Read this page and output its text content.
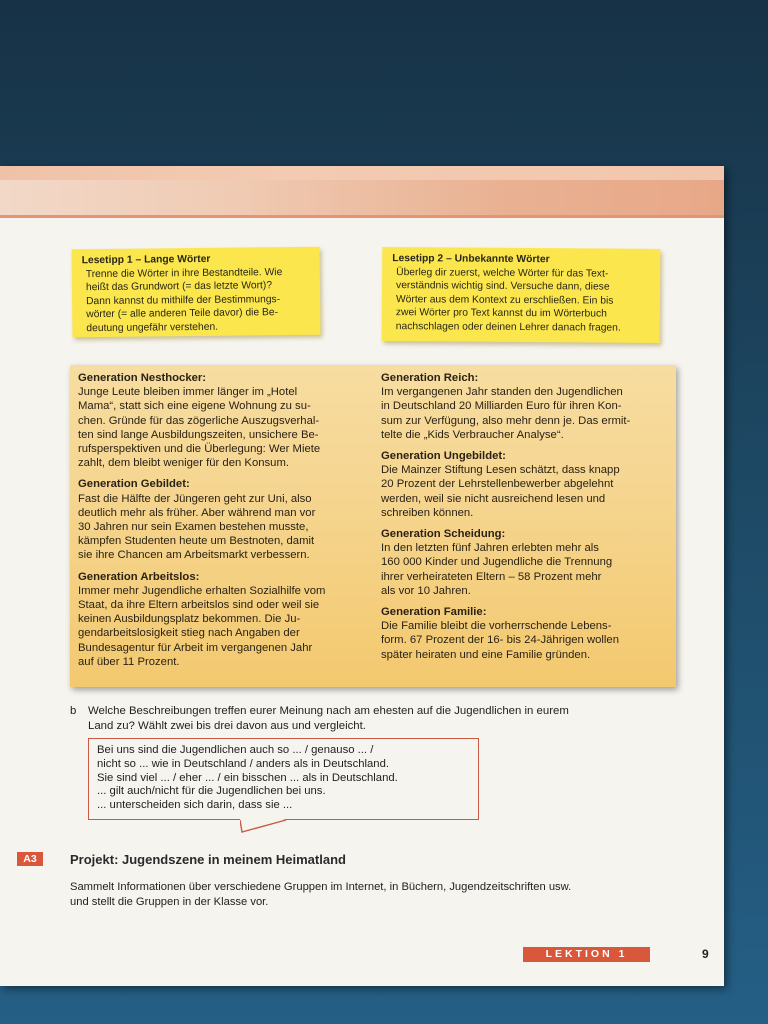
Lesetipp 1 – Lange Wörter

Trenne die Wörter in ihre Bestandteile. Wie

heißt das Grundwort (= das letzte Wort)?

Dann kannst du mithilfe der Bestimmungs-

wörter (= alle anderen Teile davor) die Be-

deutung ungefähr verstehen.

Lesetipp 2 – Unbekannte Wörter

Überleg dir zuerst, welche Wörter für das Text-

verständnis wichtig sind. Versuche dann, diese

Wörter aus dem Kontext zu erschließen. Ein bis

zwei Wörter pro Text kannst du im Wörterbuch

nachschlagen oder deinen Lehrer danach fragen.

Generation Nesthocker:

Junge Leute bleiben immer länger im „Hotel

Mama“, statt sich eine eigene Wohnung zu su-

chen. Gründe für das zögerliche Auszugsverhal-

ten sind lange Ausbildungszeiten, unsichere Be-

rufsperspektiven und die Überlegung: Wer Miete

zahlt, dem bleibt weniger für den Konsum.

Generation Gebildet:

Fast die Hälfte der Jüngeren geht zur Uni, also

deutlich mehr als früher. Aber während man vor

30 Jahren nur sein Examen bestehen musste,

kämpfen Studenten heute um Bestnoten, damit

sie ihre Chancen am Arbeitsmarkt verbessern.

Generation Arbeitslos:

Immer mehr Jugendliche erhalten Sozialhilfe vom

Staat, da ihre Eltern arbeitslos sind oder weil sie

keinen Ausbildungsplatz bekommen. Die Ju-

gendarbeitslosigkeit stieg nach Angaben der

Bundesagentur für Arbeit im vergangenen Jahr

auf über 11 Prozent.

Generation Reich:

Im vergangenen Jahr standen den Jugendlichen

in Deutschland 20 Milliarden Euro für ihren Kon-

sum zur Verfügung, also mehr denn je. Das ermit-

telte die „Kids Verbraucher Analyse“.

Generation Ungebildet:

Die Mainzer Stiftung Lesen schätzt, dass knapp

20 Prozent der Lehrstellenbewerber abgelehnt

werden, weil sie nicht ausreichend lesen und

schreiben können.

Generation Scheidung:

In den letzten fünf Jahren erlebten mehr als

160 000 Kinder und Jugendliche die Trennung

ihrer verheirateten Eltern – 58 Prozent mehr

als vor 10 Jahren.

Generation Familie:

Die Familie bleibt die vorherrschende Lebens-

form. 67 Prozent der 16- bis 24-Jährigen wollen

später heiraten und eine Familie gründen.

b Welche Beschreibungen treffen eurer Meinung nach am ehesten auf die Jugendlichen in eurem
Land zu? Wählt zwei bis drei davon aus und vergleicht.
Bei uns sind die Jugendlichen auch so ... / genauso ... /
nicht so ... wie in Deutschland / anders als in Deutschland.
Sie sind viel ... / eher ... / ein bisschen ... als in Deutschland.
... gilt auch/nicht für die Jugendlichen bei uns.
... unterscheiden sich darin, dass sie ...
A3	Projekt: Jugendszene in meinem Heimatland
Sammelt Informationen über verschiedene Gruppen im Internet, in Büchern, Jugendzeitschriften usw.
und stellt die Gruppen in der Klasse vor.
LEKTION 1	9
